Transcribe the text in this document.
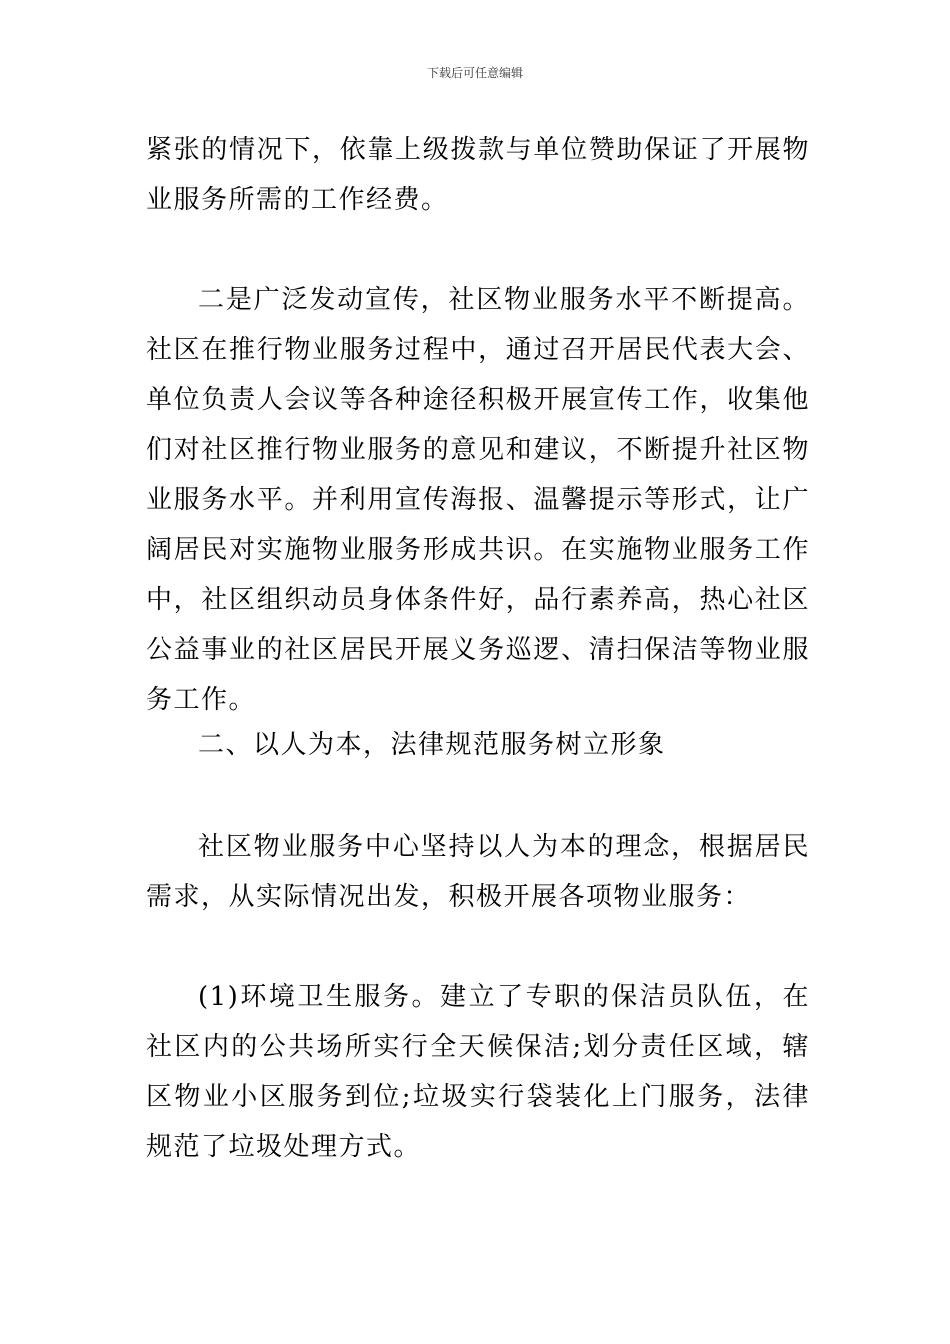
下载后可任意编辑

紧张的情况下，依靠上级拨款与单位赞助保证了开展物业服务所需的工作经费。

二是广泛发动宣传，社区物业服务水平不断提高。社区在推行物业服务过程中，通过召开居民代表大会、单位负责人会议等各种途径积极开展宣传工作，收集他们对社区推行物业服务的意见和建议，不断提升社区物业服务水平。并利用宣传海报、温馨提示等形式，让广阔居民对实施物业服务形成共识。在实施物业服务工作中，社区组织动员身体条件好，品行素养高，热心社区公益事业的社区居民开展义务巡逻、清扫保洁等物业服务工作。

二、以人为本，法律规范服务树立形象

社区物业服务中心坚持以人为本的理念，根据居民需求，从实际情况出发，积极开展各项物业服务：

(1)环境卫生服务。建立了专职的保洁员队伍，在社区内的公共场所实行全天候保洁;划分责任区域，辖区物业小区服务到位;垃圾实行袋装化上门服务，法律规范了垃圾处理方式。
